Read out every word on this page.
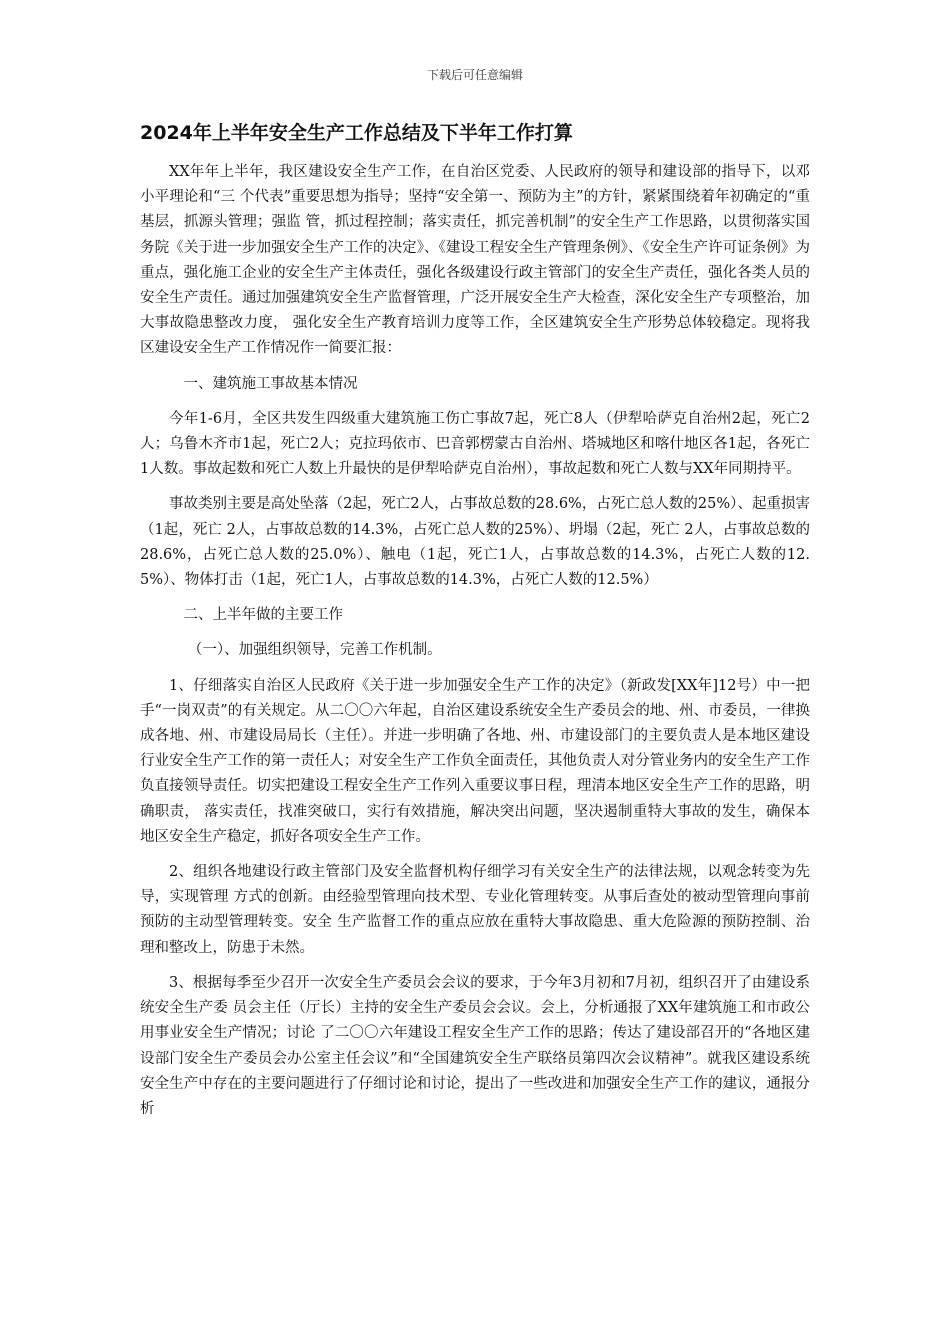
下载后可任意编辑
2024年上半年安全生产工作总结及下半年工作打算

XX年年上半年，我区建设安全生产工作，在自治区党委、人民政府的领导和建设部的指导下，以邓小平理论和“三 个代表”重要思想为指导；坚持“安全第一、预防为主”的方针，紧紧围绕着年初确定的“重基层，抓源头管理；强监 管，抓过程控制；落实责任，抓完善机制”的安全生产工作思路，以贯彻落实国务院《关于进一步加强安全生产工作的决定》、《建设工程安全生产管理条例》、《安全生产许可证条例》为重点，强化施工企业的安全生产主体责任，强化各级建设行政主管部门的安全生产责任，强化各类人员的安全生产责任。通过加强建筑安全生产监督管理，广泛开展安全生产大检查，深化安全生产专项整治，加大事故隐患整改力度， 强化安全生产教育培训力度等工作，全区建筑安全生产形势总体较稳定。现将我区建设安全生产工作情况作一简要汇报：

一、建筑施工事故基本情况

今年1-6月，全区共发生四级重大建筑施工伤亡事故7起，死亡8人（伊犁哈萨克自治州2起，死亡2人；乌鲁木齐市1起，死亡2人；克拉玛依市、巴音郭楞蒙古自治州、塔城地区和喀什地区各1起，各死亡1人数。事故起数和死亡人数上升最快的是伊犁哈萨克自治州），事故起数和死亡人数与XX年同期持平。

事故类别主要是高处坠落（2起，死亡2人，占事故总数的28.6%，占死亡总人数的25%）、起重损害（1起，死亡 2人，占事故总数的14.3%，占死亡总人数的25%）、坍塌（2起，死亡 2人，占事故总数的 28.6%，占死亡总人数的25.0%）、触电（1起，死亡1人，占事故总数的14.3%，占死亡人数的12.5%）、物体打击（1起，死亡1人，占事故总数的14.3%，占死亡人数的12.5%）

二、上半年做的主要工作

（一）、加强组织领导，完善工作机制。

1、仔细落实自治区人民政府《关于进一步加强安全生产工作的决定》（新政发[XX年]12号）中一把手“一岗双责”的有关规定。从二〇〇六年起，自治区建设系统安全生产委员会的地、州、市委员，一律换成各地、州、市建设局局长（主任）。并进一步明确了各地、州、市建设部门的主要负责人是本地区建设行业安全生产工作的第一责任人；对安全生产工作负全面责任，其他负责人对分管业务内的安全生产工作负直接领导责任。切实把建设工程安全生产工作列入重要议事日程，理清本地区安全生产工作的思路，明确职责， 落实责任，找准突破口，实行有效措施，解决突出问题，坚决遏制重特大事故的发生，确保本地区安全生产稳定，抓好各项安全生产工作。

2、组织各地建设行政主管部门及安全监督机构仔细学习有关安全生产的法律法规，以观念转变为先导，实现管理 方式的创新。由经验型管理向技术型、专业化管理转变。从事后查处的被动型管理向事前预防的主动型管理转变。安全 生产监督工作的重点应放在重特大事故隐患、重大危险源的预防控制、治理和整改上，防患于未然。

3、根据每季至少召开一次安全生产委员会会议的要求，于今年3月初和7月初，组织召开了由建设系统安全生产委 员会主任（厅长）主持的安全生产委员会会议。会上，分析通报了XX年建筑施工和市政公用事业安全生产情况；讨论 了二〇〇六年建设工程安全生产工作的思路；传达了建设部召开的“各地区建设部门安全生产委员会办公室主任会议”和“全国建筑安全生产联络员第四次会议精神”。就我区建设系统安全生产中存在的主要问题进行了仔细讨论和讨论，提出了一些改进和加强安全生产工作的建议，通报分析
